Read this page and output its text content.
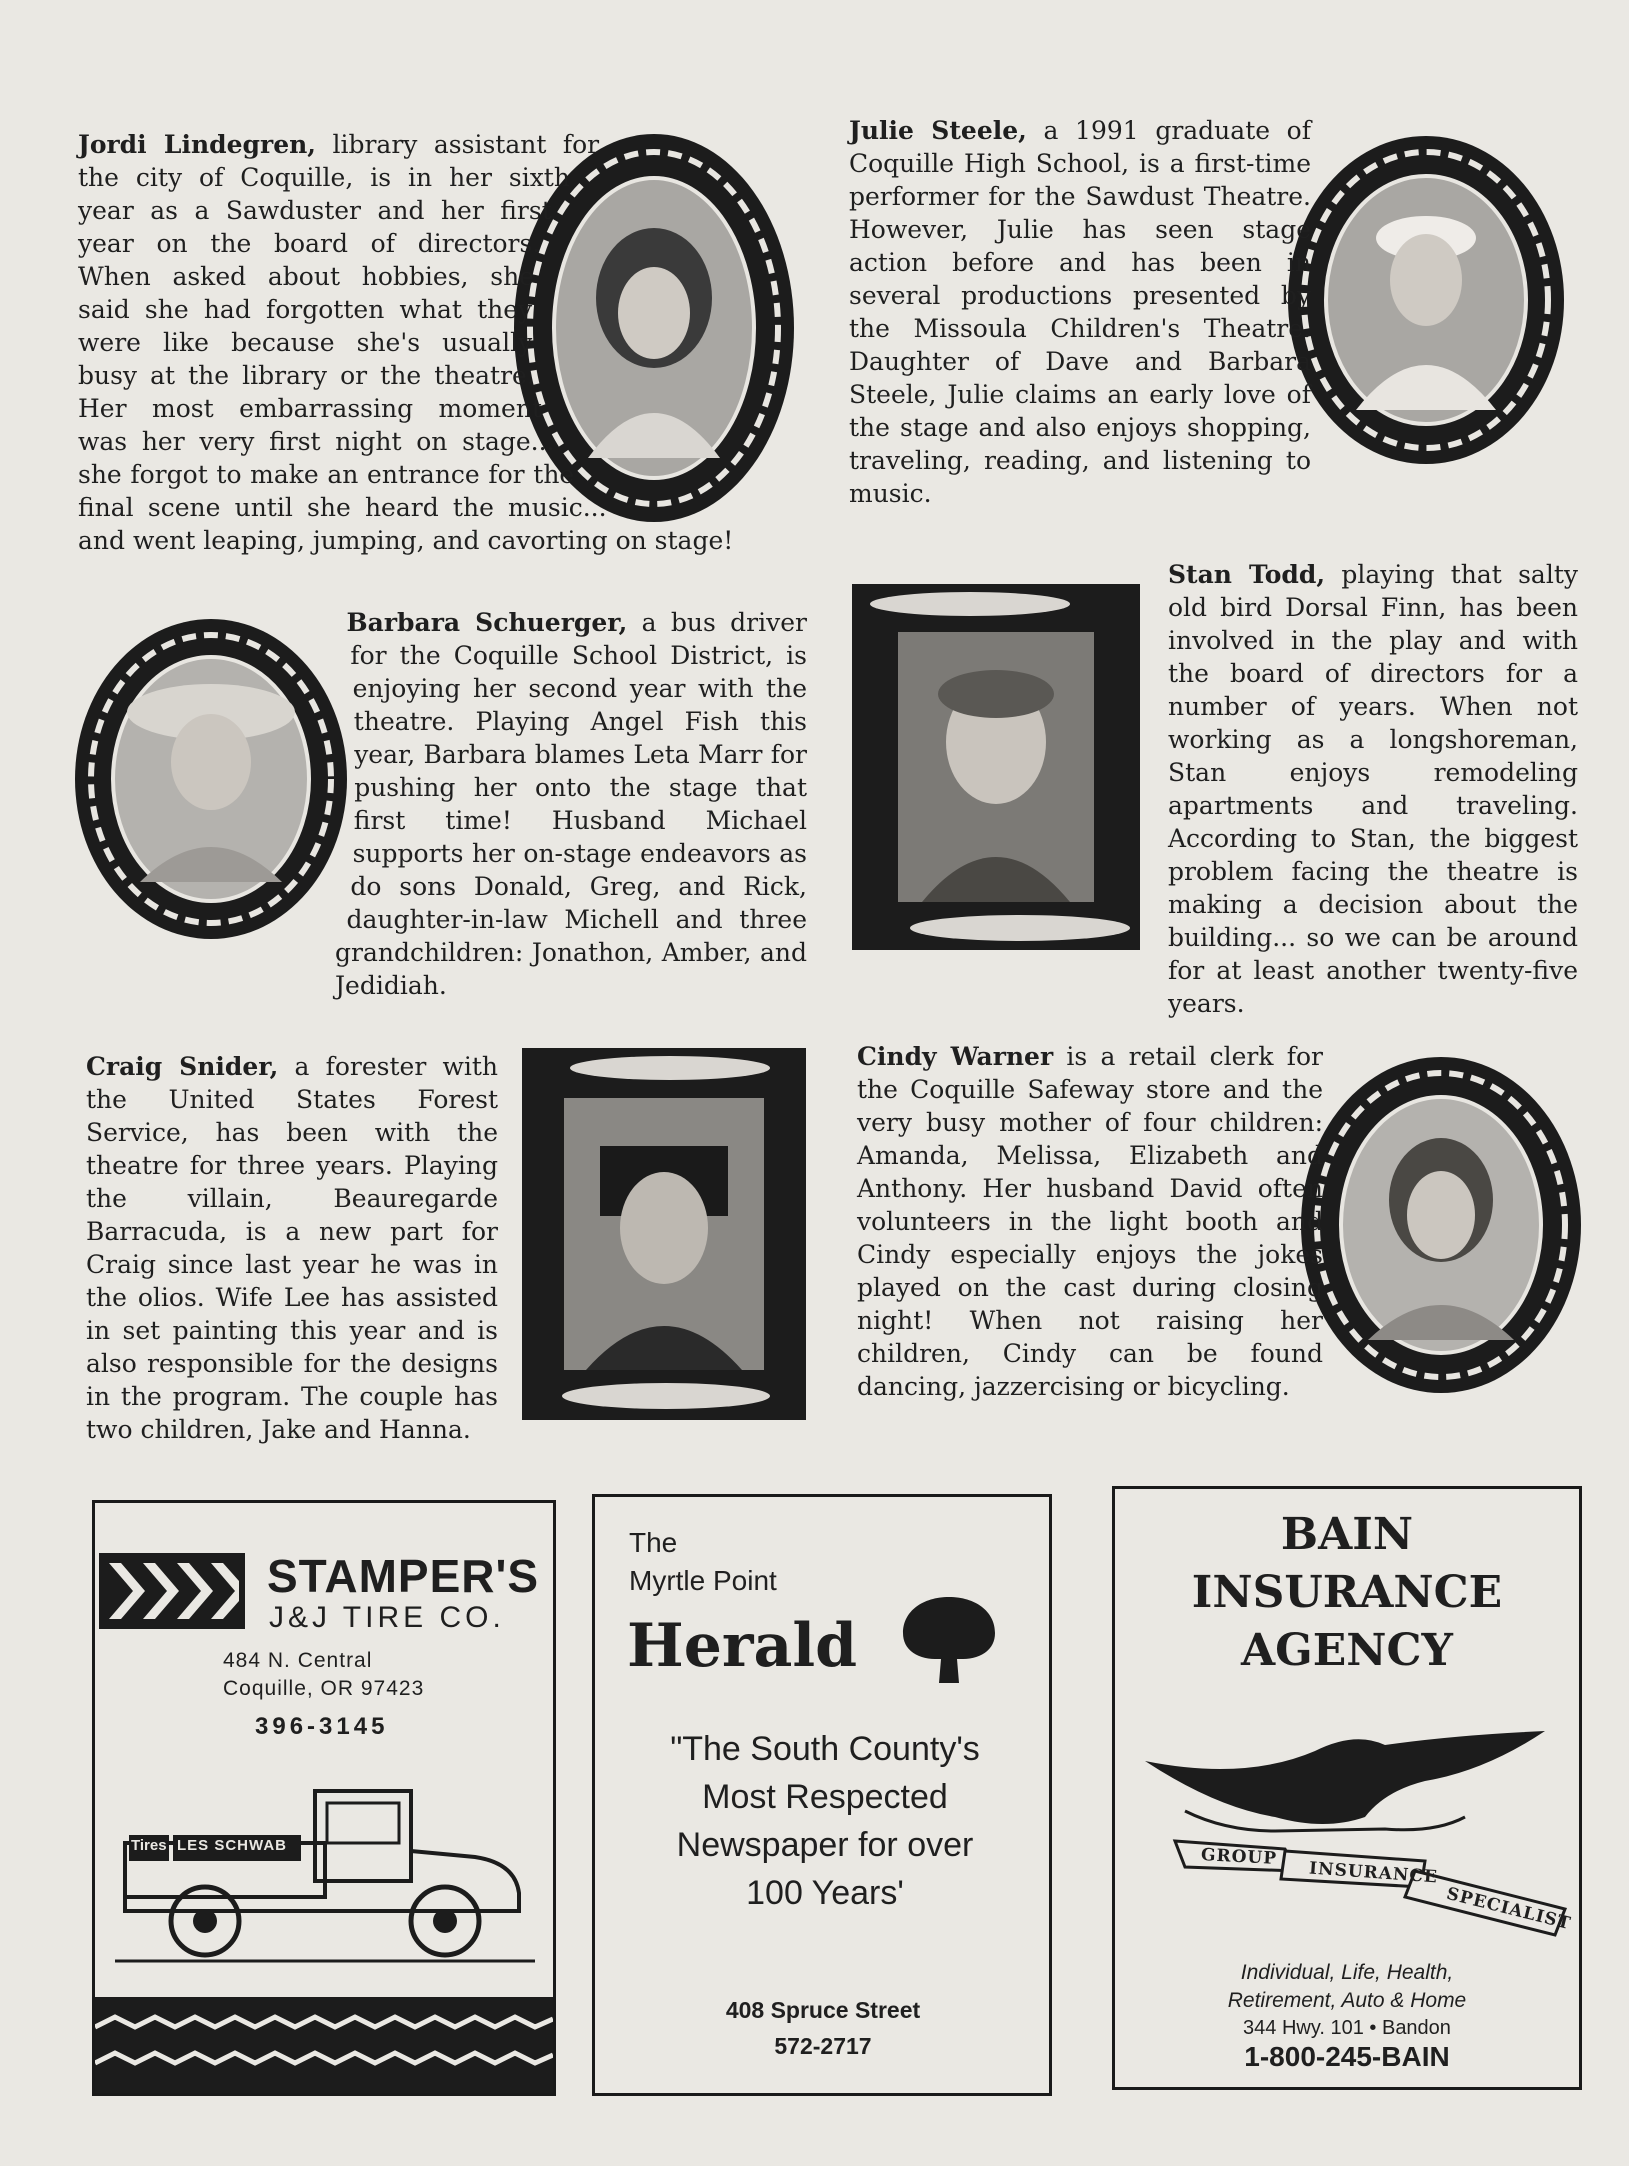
Jordi Lindegren, library assistant for the city of Coquille, is in her sixth year as a Sawduster and her first year on the board of directors. When asked about hobbies, she said she had forgotten what they were like because she's usually busy at the library or the theatre. Her most embarrassing moment was her very first night on stage... she forgot to make an entrance for the final scene until she heard the music... and went leaping, jumping, and cavorting on stage!
Julie Steele, a 1991 graduate of Coquille High School, is a first-time performer for the Sawdust Theatre. However, Julie has seen stage action before and has been in several productions presented by the Missoula Children's Theatre. Daughter of Dave and Barbara Steele, Julie claims an early love of the stage and also enjoys shopping, traveling, reading, and listening to music.
Barbara Schuerger, a bus driver for the Coquille School District, is enjoying her second year with the theatre. Playing Angel Fish this year, Barbara blames Leta Marr for pushing her onto the stage that first time! Husband Michael supports her on-stage endeavors as do sons Donald, Greg, and Rick, daughter-in-law Michell and three grandchildren: Jonathon, Amber, and Jedidiah.
Stan Todd, playing that salty old bird Dorsal Finn, has been involved in the play and with the board of directors for a number of years. When not working as a longshoreman, Stan enjoys remodeling apartments and traveling. According to Stan, the biggest problem facing the theatre is making a decision about the building... so we can be around for at least another twenty-five years.
Craig Snider, a forester with the United States Forest Service, has been with the theatre for three years. Playing the villain, Beauregarde Barracuda, is a new part for Craig since last year he was in the olios. Wife Lee has assisted in set painting this year and is also responsible for the designs in the program. The couple has two children, Jake and Hanna.
Cindy Warner is a retail clerk for the Coquille Safeway store and the very busy mother of four children: Amanda, Melissa, Elizabeth and Anthony. Her husband David often volunteers in the light booth and Cindy especially enjoys the jokes played on the cast during closing night! When not raising her children, Cindy can be found dancing, jazzercising or bicycling.
STAMPER'S
J&J TIRE CO.
484 N. Central
Coquille, OR 97423
396-3145
Tires LES SCHWAB
The
Myrtle Point
Herald
"The South County's Most Respected Newspaper for over 100 Years'
408 Spruce Street
572-2717
BAIN
INSURANCE
AGENCY
GROUP
INSURANCE
SPECIALIST
Individual, Life, Health, Retirement, Auto & Home
344 Hwy. 101 • Bandon
1-800-245-BAIN
